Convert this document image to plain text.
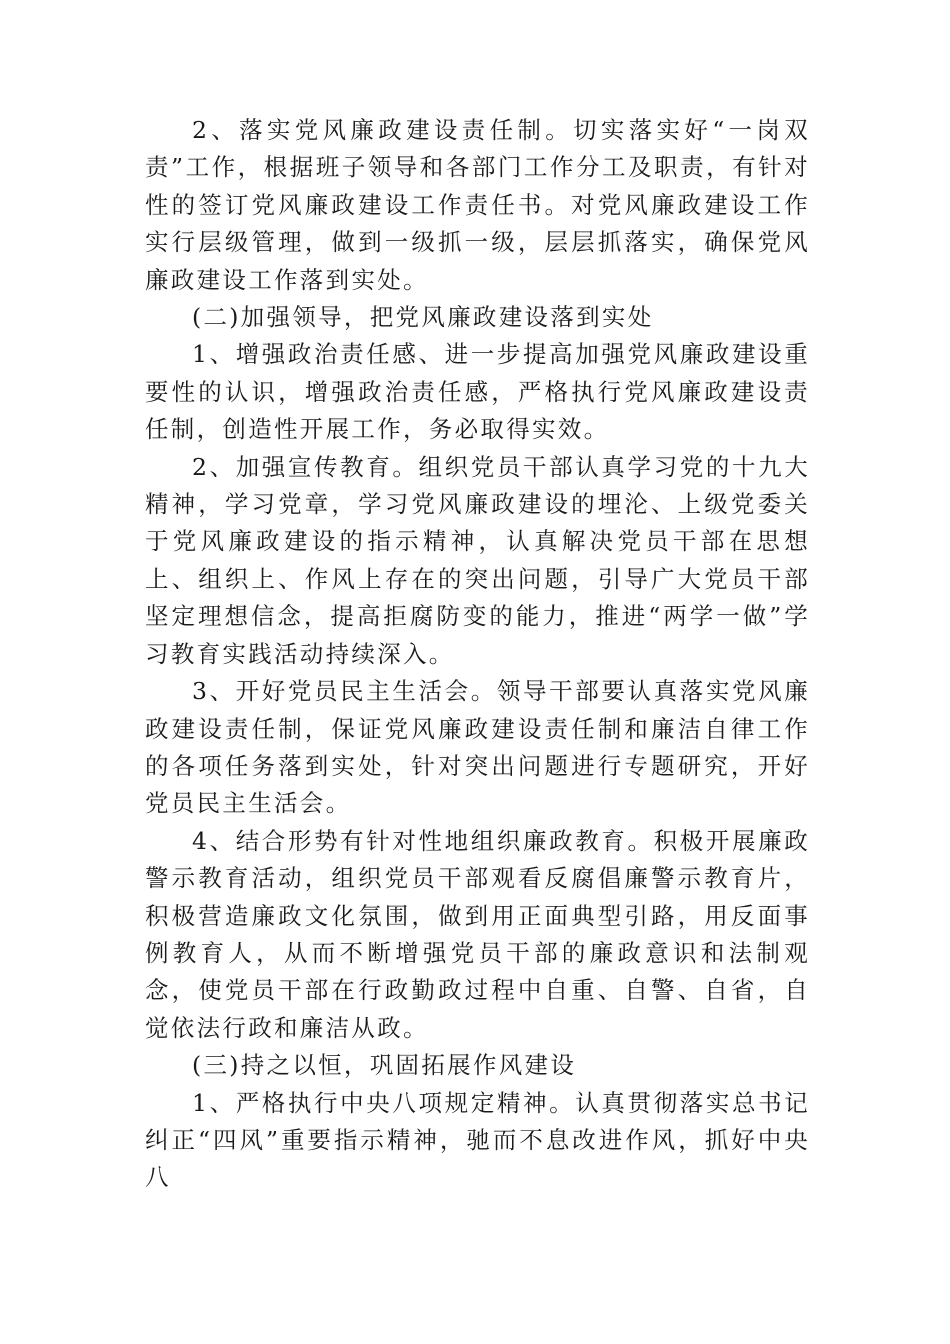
2、落实党风廉政建设责任制。切实落实好“一岗双责”工作，根据班子领导和各部门工作分工及职责，有针对性的签订党风廉政建设工作责任书。对党风廉政建设工作实行层级管理，做到一级抓一级，层层抓落实，确保党风廉政建设工作落到实处。

(二)加强领导，把党风廉政建设落到实处

1、增强政治责任感、进一步提高加强党风廉政建设重要性的认识，增强政治责任感，严格执行党风廉政建设责任制，创造性开展工作，务必取得实效。

2、加强宣传教育。组织党员干部认真学习党的十九大精神，学习党章，学习党风廉政建设的埋沦、上级党委关于党风廉政建设的指示精神，认真解决党员干部在思想上、组织上、作风上存在的突出问题，引导广大党员干部坚定理想信念，提高拒腐防变的能力，推进“两学一做”学习教育实践活动持续深入。

3、开好党员民主生活会。领导干部要认真落实党风廉政建设责任制，保证党风廉政建设责任制和廉洁自律工作的各项任务落到实处，针对突出问题进行专题研究，开好党员民主生活会。

4、结合形势有针对性地组织廉政教育。积极开展廉政警示教育活动，组织党员干部观看反腐倡廉警示教育片，积极营造廉政文化氛围，做到用正面典型引路，用反面事例教育人，从而不断增强党员干部的廉政意识和法制观念，使党员干部在行政勤政过程中自重、自警、自省，自觉依法行政和廉洁从政。

(三)持之以恒，巩固拓展作风建设

1、严格执行中央八项规定精神。认真贯彻落实总书记纠正“四风”重要指示精神，驰而不息改进作风，抓好中央八
